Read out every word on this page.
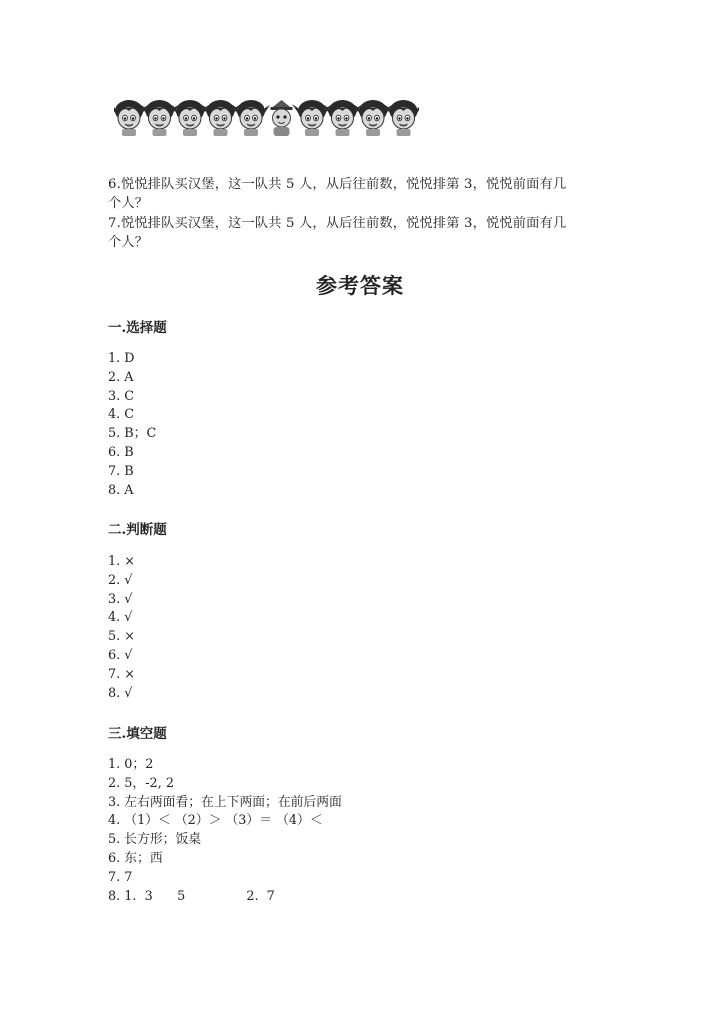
6.悦悦排队买汉堡，这一队共 5 人，从后往前数，悦悦排第 3，悦悦前面有几
个人？
7.悦悦排队买汉堡，这一队共 5 人，从后往前数，悦悦排第 3，悦悦前面有几
个人？
参考答案
一.选择题
1. D
2. A
3. C
4. C
5. B；C
6. B
7. B
8. A
二.判断题
1. ×
2. √
3. √
4. √
5. ×
6. √
7. ×
8. √
三.填空题
1. 0；2
2. 5，-2, 2
3. 左右两面看；在上下两面；在前后两面
4. （1）＜ （2）＞ （3）＝ （4）＜
5. 长方形；饭桌
6. 东；西
7. 7
8. 1.  3      5               2.  7
